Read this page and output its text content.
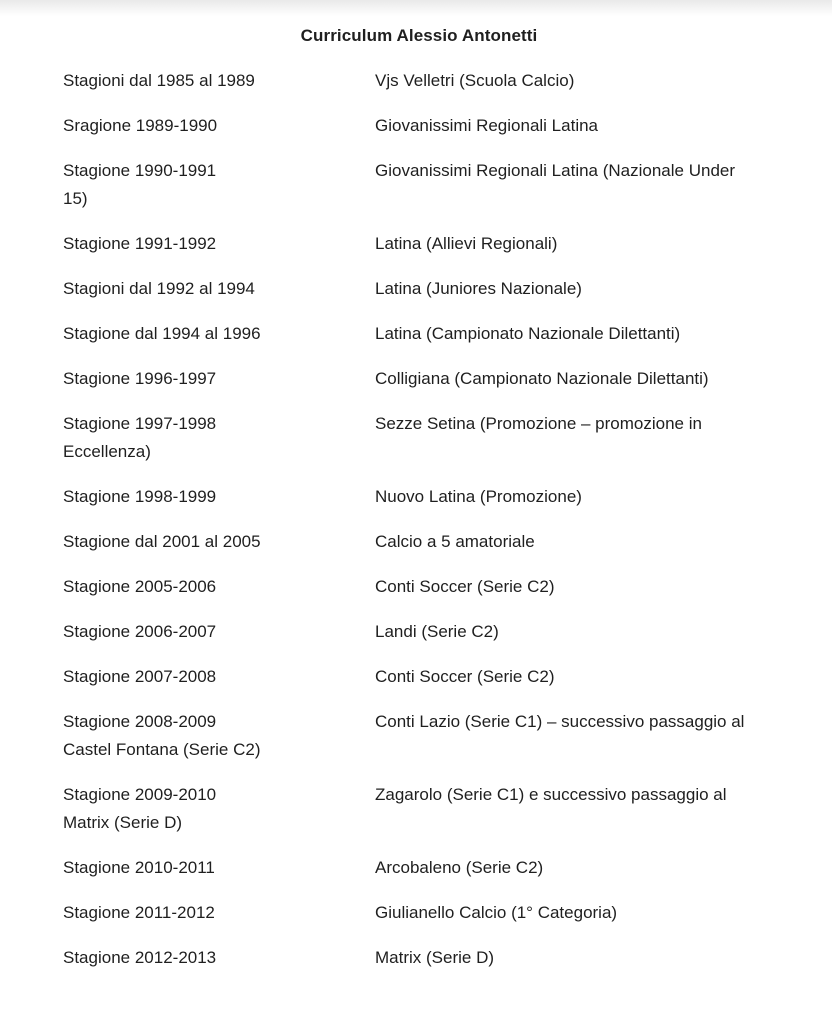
Curriculum Alessio Antonetti

Stagioni dal 1985 al 1989	Vjs Velletri (Scuola Calcio)

Sragione 1989-1990	Giovanissimi Regionali Latina

Stagione 1990-1991	Giovanissimi Regionali Latina (Nazionale Under
15)

Stagione 1991-1992	Latina (Allievi Regionali)

Stagioni dal 1992 al 1994	Latina (Juniores Nazionale)

Stagione dal 1994 al 1996	Latina (Campionato Nazionale Dilettanti)

Stagione 1996-1997	Colligiana (Campionato Nazionale Dilettanti)

Stagione 1997-1998	Sezze Setina (Promozione – promozione in
Eccellenza)

Stagione 1998-1999	Nuovo Latina (Promozione)

Stagione dal 2001 al 2005	Calcio a 5 amatoriale

Stagione 2005-2006	Conti Soccer (Serie C2)

Stagione 2006-2007	Landi (Serie C2)

Stagione 2007-2008	Conti Soccer (Serie C2)

Stagione 2008-2009	Conti Lazio (Serie C1) – successivo passaggio al
Castel Fontana (Serie C2)

Stagione 2009-2010	Zagarolo (Serie C1) e successivo passaggio al
Matrix (Serie D)

Stagione 2010-2011	Arcobaleno (Serie C2)

Stagione 2011-2012	Giulianello Calcio (1° Categoria)

Stagione 2012-2013	Matrix (Serie D)
